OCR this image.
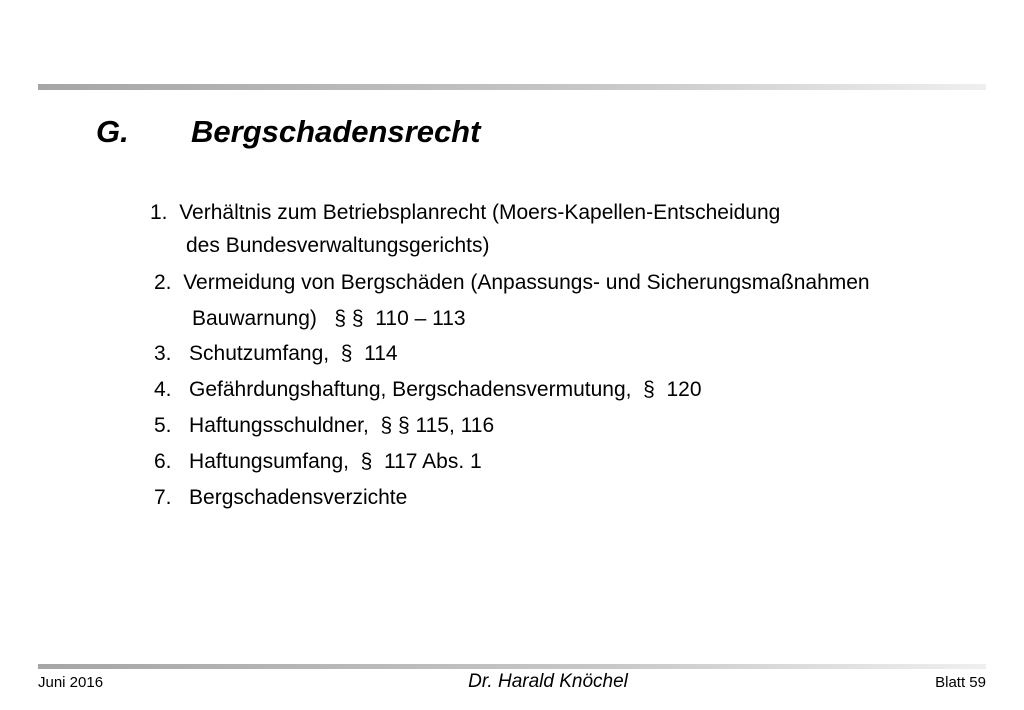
G. Bergschadensrecht
1. Verhältnis zum Betriebsplanrecht (Moers-Kapellen-Entscheidung
des Bundesverwaltungsgerichts)
2. Vermeidung von Bergschäden (Anpassungs- und Sicherungsmaßnahmen
Bauwarnung)   § §  110 – 113
3. Schutzumfang,  §  114
4. Gefährdungshaftung, Bergschadensvermutung,  §  120
5. Haftungsschuldner,  § § 115, 116
6. Haftungsumfang,  §  117 Abs. 1
7. Bergschadensverzichte
Juni 2016	Dr. Harald Knöchel	Blatt 59
